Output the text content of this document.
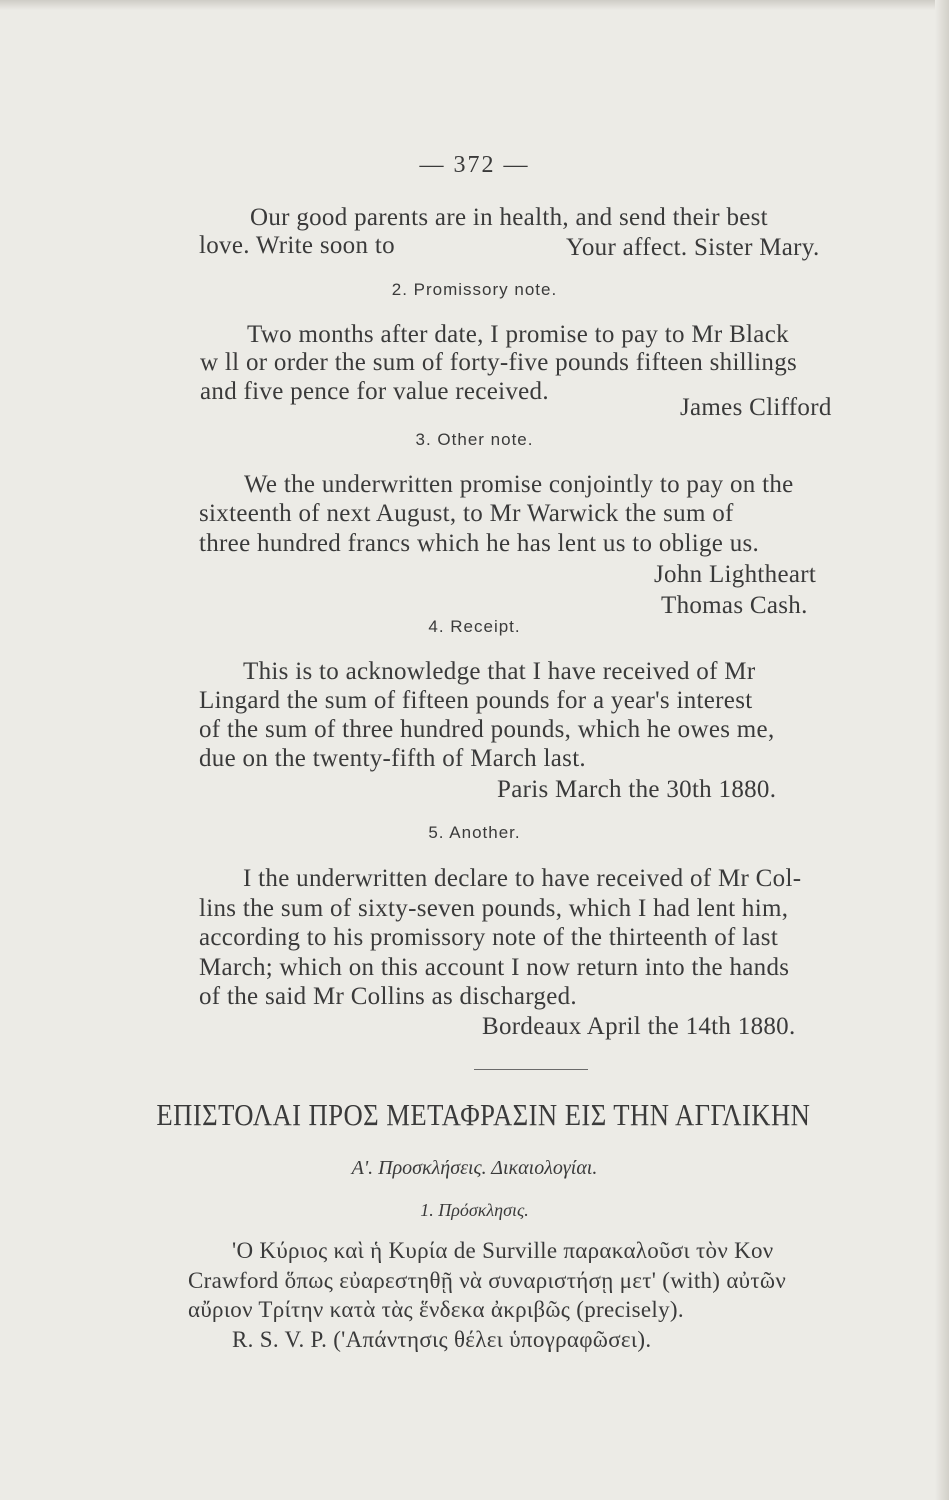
— 372 —
Our good parents are in health, and send their best
love. Write soon to	Your affect. Sister Mary.
2. Promissory note.
Two months after date, I promise to pay to Mr Black
w ll or order the sum of forty-five pounds fifteen shillings
and five pence for value received.
James Clifford
3. Other note.
We the underwritten promise conjointly to pay on the
sixteenth of next August, to Mr Warwick the sum of
three hundred francs which he has lent us to oblige us.
John Lightheart
Thomas Cash.
4. Receipt.
This is to acknowledge that I have received of Mr
Lingard the sum of fifteen pounds for a year's interest
of the sum of three hundred pounds, which he owes me,
due on the twenty-fifth of March last.
Paris March the 30th 1880.
5. Another.
I the underwritten declare to have received of Mr Col-
lins the sum of sixty-seven pounds, which I had lent him,
according to his promissory note of the thirteenth of last
March; which on this account I now return into the hands
of the said Mr Collins as discharged.
Bordeaux April the 14th 1880.
ΕΠΙΣΤΟΛΑΙ ΠΡΟΣ ΜΕΤΑΦΡΑΣΙΝ ΕΙΣ ΤΗΝ ΑΓΓΛΙΚΗΝ
Α'. Προσκλήσεις. Δικαιολογίαι.
1. Πρόσκλησις.
'Ο Κύριος καὶ ἡ Κυρία de Surville παρακαλοῦσι τὸν Κον
Crawford ὅπως εὐαρεστηθῇ νὰ συναριστήσῃ μετ' (with) αὐτῶν
αὔριον Τρίτην κατὰ τὰς ἕνδεκα ἀκριβῶς (precisely).
R. S. V. P. ('Απάντησις θέλει ὑπογραφῶσει).
